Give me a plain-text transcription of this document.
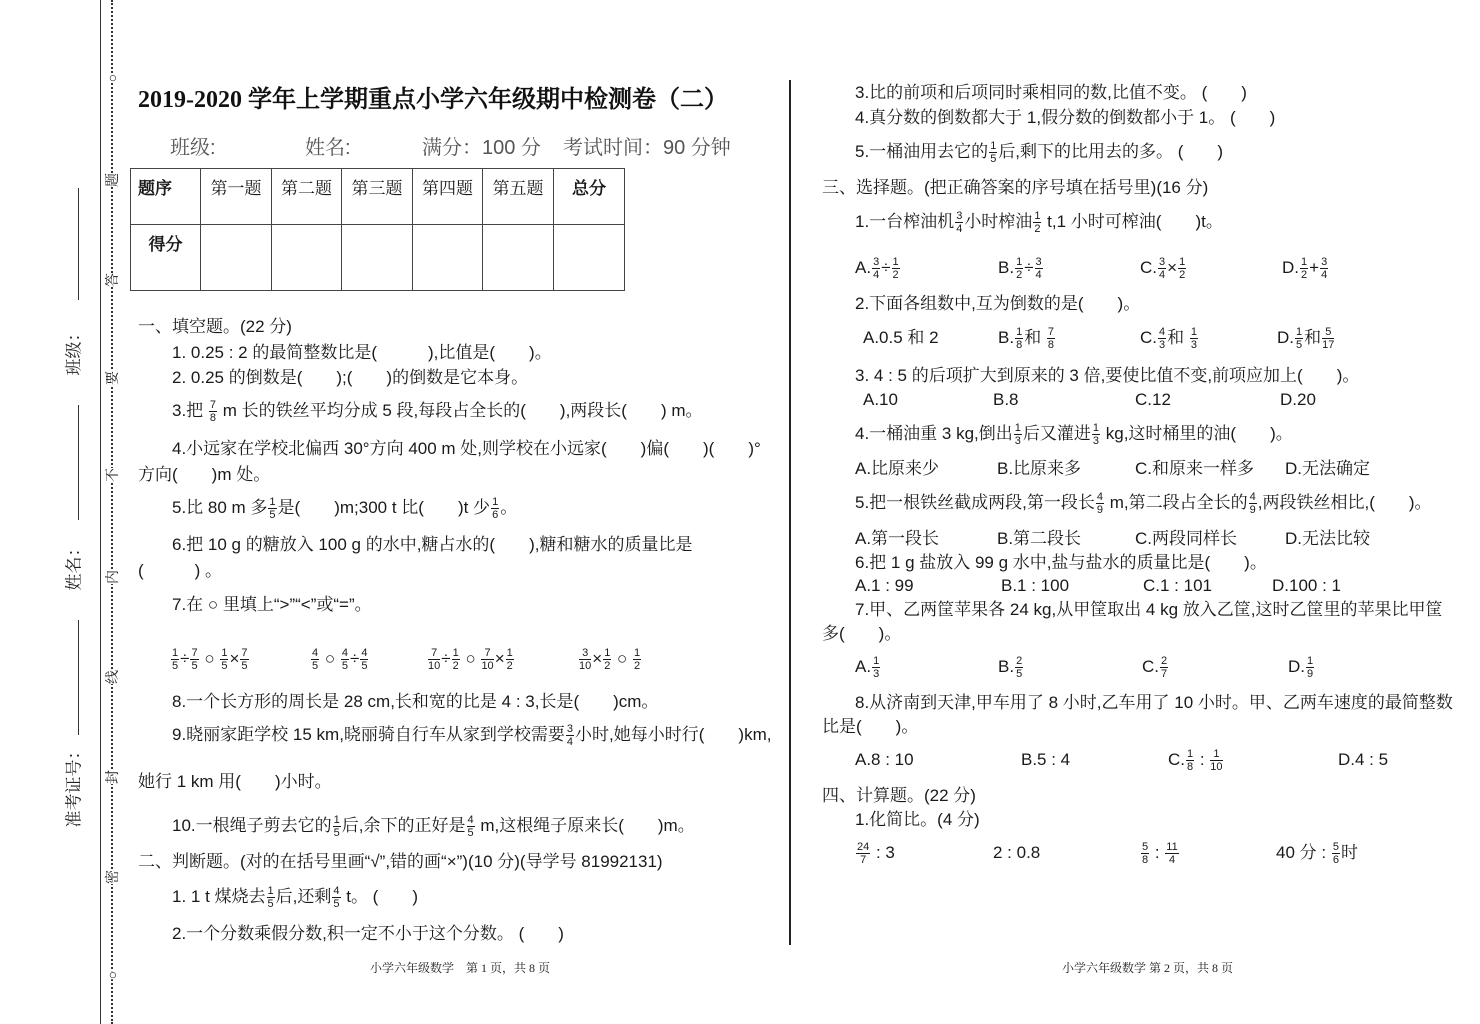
班级：
姓名：
准考证号：
○
题
答
要
不
内
线
封
密
○
2019-2020 学年上学期重点小学六年级期中检测卷（二）
班级:	姓名:	满分：100 分 考试时间：90 分钟
题序	第一题	第二题	第三题	第四题	第五题	总分
得分						
一、填空题。(22 分)
1. 0.25 : 2 的最简整数比是(　　　),比值是(　　)。
2. 0.25 的倒数是(　　);(　　)的倒数是它本身。
3.把 $\frac{7}{8}$ m 长的铁丝平均分成 5 段,每段占全长的(　　),两段长(　　) m。
4.小远家在学校北偏西 30°方向 400 m 处,则学校在小远家(　　)偏(　　)(　　)°
方向(　　)m 处。
5.比 80 m 多 $\frac{1}{5}$ 是(　　)m;300 t 比(　　)t 少 $\frac{1}{6}$ 。
6.把 10 g 的糖放入 100 g 的水中,糖占水的(　　),糖和糖水的质量比是
(　　　) 。
7.在 ○ 里填上“>”“<”或“=”。
$\frac{1}{5} \div \frac{7}{5}$ ○ $\frac{1}{5} \times \frac{7}{5}$	$\frac{4}{5}$ ○ $\frac{4}{5} \div \frac{4}{5}$	$\frac{7}{10} \div \frac{1}{2}$ ○ $\frac{7}{10} \times \frac{1}{2}$	$\frac{3}{10} \times \frac{1}{2}$ ○ $\frac{1}{2}$
8.一个长方形的周长是 28 cm,长和宽的比是 4 : 3,长是(　　)cm。
9.晓丽家距学校 15 km,晓丽骑自行车从家到学校需要 $\frac{3}{4}$ 小时,她每小时行(　　)km,
她行 1 km 用(　　)小时。
10.一根绳子剪去它的 $\frac{1}{5}$ 后,余下的正好是 $\frac{4}{5} m$,这根绳子原来长(　　)m。
二、判断题。(对的在括号里画“√”,错的画“×”)(10 分)(导学号 81992131)
1. 1 t 煤烧去 $\frac{1}{5}$ 后,还剩 $\frac{4}{5}$ t。 (　　)
2.一个分数乘假分数,积一定不小于这个分数。 (　　)
小学六年级数学　第 1 页，共 8 页
3.比的前项和后项同时乘相同的数,比值不变。 (　　)
4.真分数的倒数都大于 1,假分数的倒数都小于 1。 (　　)
5.一桶油用去它的 $\frac{1}{5}$ 后,剩下的比用去的多。 (　　)
三、选择题。(把正确答案的序号填在括号里)(16 分)
1.一台榨油机 $\frac{3}{4}$ 小时榨油 $\frac{1}{2} t,1$ 小时可榨油(　　)t。
A. $\frac{3}{4} \div \frac{1}{2}$	B. $\frac{1}{2} \div \frac{3}{4}$	C. $\frac{3}{4} \times \frac{1}{2}$	D. $\frac{1}{2} + \frac{3}{4}$
2.下面各组数中,互为倒数的是(　　)。
A.0.5 和 2	B. $\frac{1}{8}$ 和 $\frac{7}{8}$	C. $\frac{4}{3}$ 和 $\frac{1}{3}$	D. $\frac{1}{5}$ 和 $\frac{5}{17}$
3. 4 : 5 的后项扩大到原来的 3 倍,要使比值不变,前项应加上(　　)。
A.10	B.8	C.12	D.20
4.一桶油重 3 kg,倒出 $\frac{1}{3}$ 后又灌进 $\frac{1}{3}$ kg,这时桶里的油(　　)。
A.比原来少	B.比原来多	C.和原来一样多 D.无法确定
5.把一根铁丝截成两段,第一段长 $\frac{4}{9} m$,第二段占全长的 $\frac{4}{9}$ ,两段铁丝相比,(　　)。
A.第一段长	B.第二段长	C.两段同样长	D.无法比较
6.把 1 g 盐放入 99 g 水中,盐与盐水的质量比是(　　)。
A.1 : 99	B.1 : 100	C.1 : 101	D.100 : 1
7.甲、乙两筐苹果各 24 kg,从甲筐取出 4 kg 放入乙筐,这时乙筐里的苹果比甲筐
多(　　)。
A. $\frac{1}{3}$	B. $\frac{2}{5}$	C. $\frac{2}{7}$	D. $\frac{1}{9}$
8.从济南到天津,甲车用了 8 小时,乙车用了 10 小时。甲、乙两车速度的最简整数
比是(　　)。
A.8 : 10	B.5 : 4	C. $\frac{1}{8}$ : $\frac{1}{10}$	D.4 : 5
四、计算题。(22 分)
1.化简比。(4 分)
$\frac{24}{7}$ : 3	2 : 0.8	$\frac{5}{8}$ : $\frac{11}{4}$	40 分 : $\frac{5}{6}$ 时
小学六年级数学 第 2 页，共 8 页
